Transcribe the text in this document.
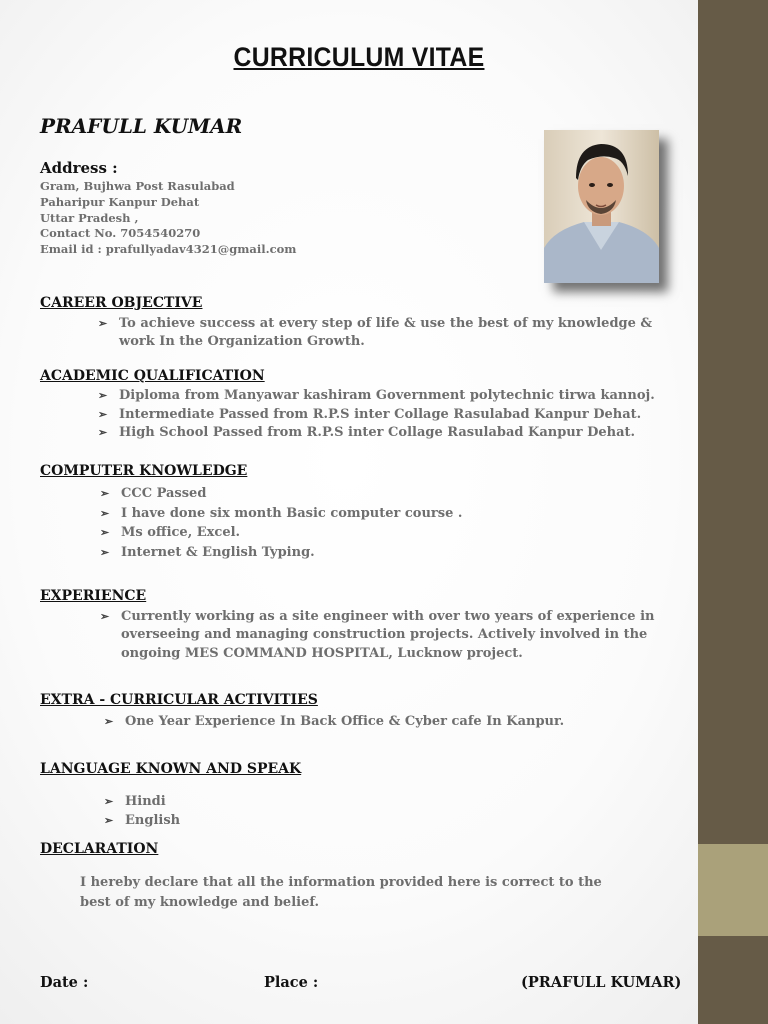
CURRICULUM VITAE
PRAFULL KUMAR
Address :
Gram, Bujhwa Post Rasulabad
Paharipur Kanpur Dehat
Uttar Pradesh ,
Contact No. 7054540270
Email id : prafullyadav4321@gmail.com
CAREER OBJECTIVE
➢ To achieve success at every step of life & use the best of my knowledge & work In the Organization Growth.
ACADEMIC QUALIFICATION
➢ Diploma from Manyawar kashiram Government polytechnic tirwa kannoj.
➢ Intermediate Passed from R.P.S inter Collage Rasulabad Kanpur Dehat.
➢ High School Passed from R.P.S inter Collage Rasulabad Kanpur Dehat.
COMPUTER KNOWLEDGE
➢ CCC Passed
➢ I have done six month Basic computer course .
➢ Ms office, Excel.
➢ Internet & English Typing.
EXPERIENCE
➢ Currently working as a site engineer with over two years of experience in overseeing and managing construction projects. Actively involved in the ongoing MES COMMAND HOSPITAL, Lucknow project.
EXTRA - CURRICULAR ACTIVITIES
➢ One Year Experience In Back Office & Cyber cafe In Kanpur.
LANGUAGE KNOWN AND SPEAK
➢ Hindi
➢ English
DECLARATION
I hereby declare that all the information provided here is correct to the best of my knowledge and belief.
Date :	Place :	(PRAFULL KUMAR)
